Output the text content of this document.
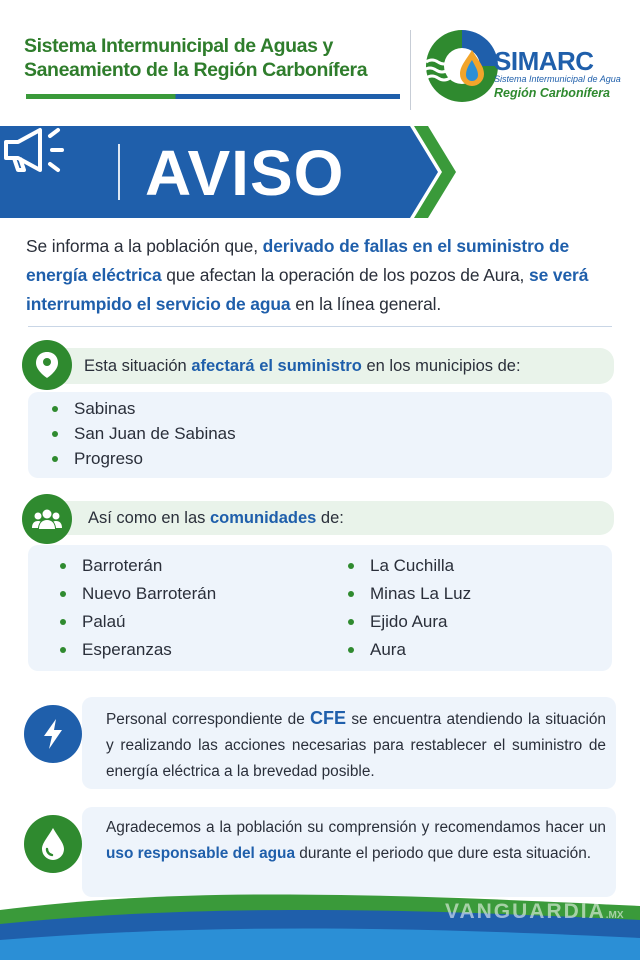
Sistema Intermunicipal de Aguas y
Saneamiento de la Región Carbonífera	SIMARC
Sistema Intermunicipal de Agua
Región Carbonífera
AVISO
Se informa a la población que, derivado de fallas en el suministro de energía eléctrica que afectan la operación de los pozos de Aura, se verá interrumpido el servicio de agua en la línea general.
Esta situación afectará el suministro en los municipios de:
Sabinas
San Juan de Sabinas
Progreso
Así como en las comunidades de:
Barroterán
Nuevo Barroterán
Palaú
Esperanzas
La Cuchilla
Minas La Luz
Ejido Aura
Aura
Personal correspondiente de CFE se encuentra atendiendo la situación y realizando las acciones necesarias para restablecer el suministro de energía eléctrica a la brevedad posible.
Agradecemos a la población su comprensión y recomendamos hacer un uso responsable del agua durante el periodo que dure esta situación.
VANGUARDIA.MX
